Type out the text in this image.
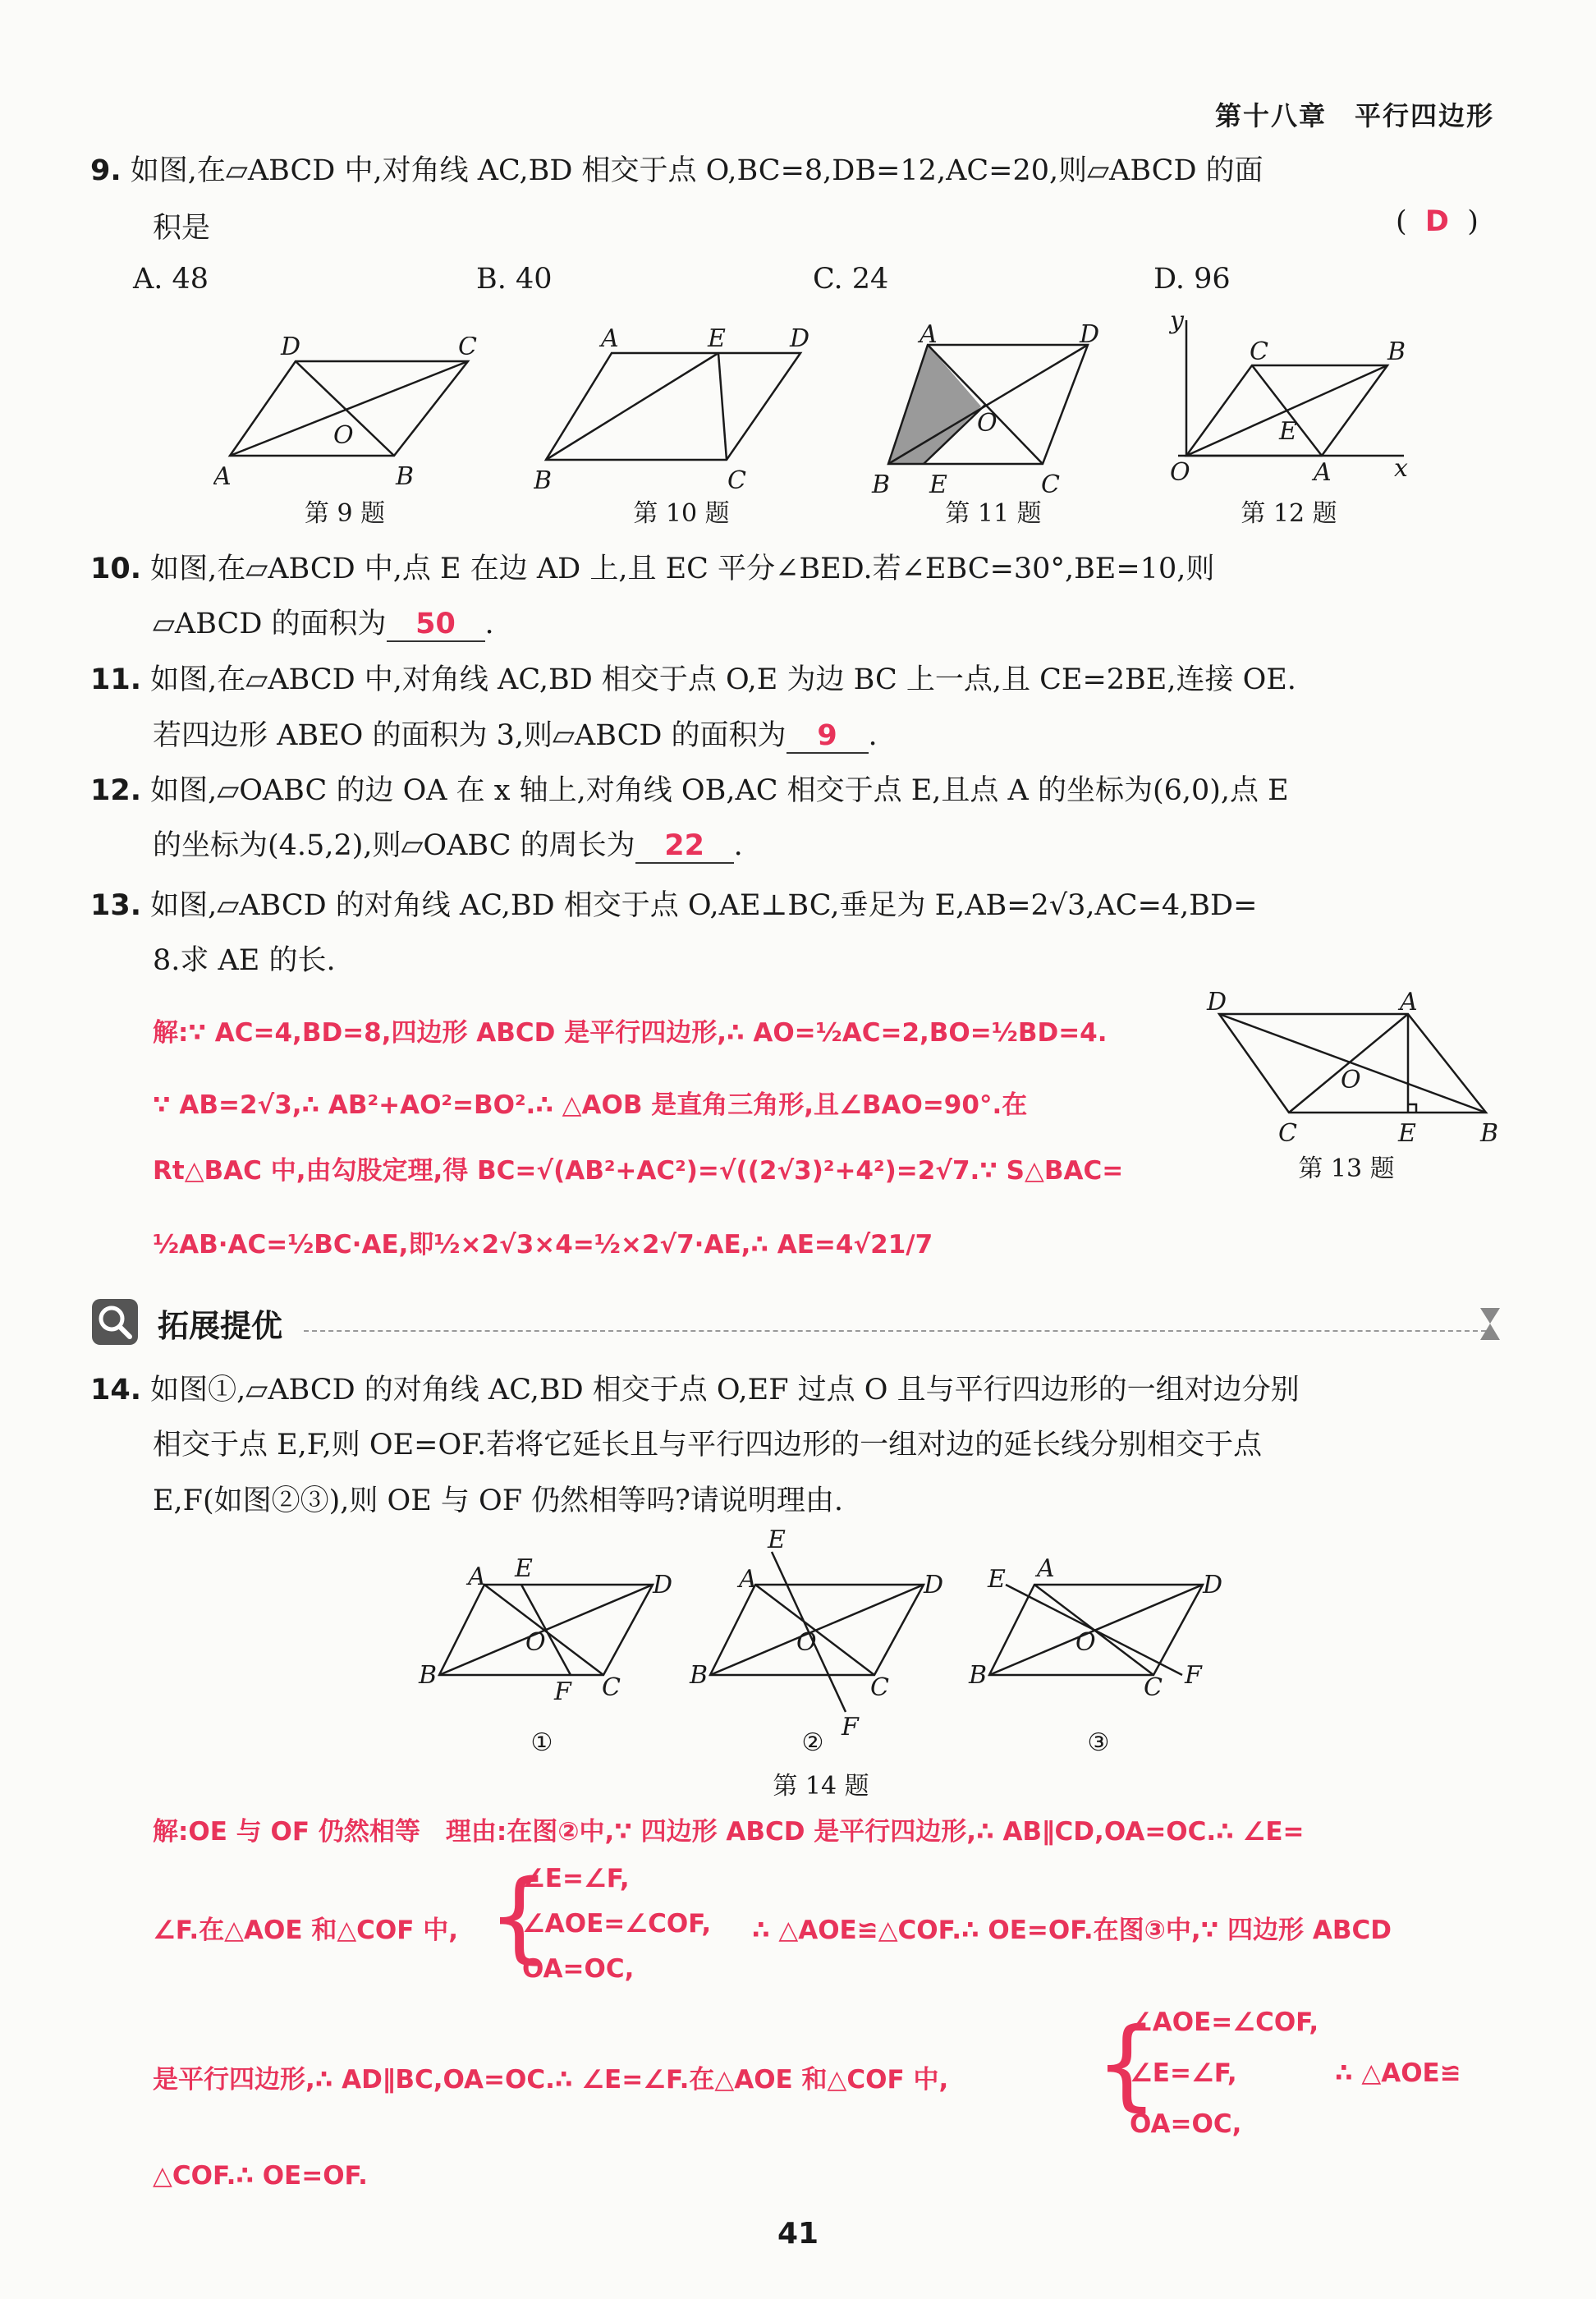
第十八章　平行四边形
9. 如图,在▱ABCD 中,对角线 AC,BD 相交于点 O,BC=8,DB=12,AC=20,则▱ABCD 的面
积是	( D )
A. 48	B. 40	C. 24	D. 96
D	C
A	B
O
第 9 题
A	E	D
B	C
第 10 题
A	D
B E	C
O
第 11 题
y
x
O	A
C	B
E
第 12 题
10. 如图,在▱ABCD 中,点 E 在边 AD 上,且 EC 平分∠BED.若∠EBC=30°,BE=10,则
▱ABCD 的面积为 50 .
11. 如图,在▱ABCD 中,对角线 AC,BD 相交于点 O,E 为边 BC 上一点,且 CE=2BE,连接 OE.
若四边形 ABEO 的面积为 3,则▱ABCD 的面积为 9 .
12. 如图,▱OABC 的边 OA 在 x 轴上,对角线 OB,AC 相交于点 E,且点 A 的坐标为(6,0),点 E
的坐标为(4.5,2),则▱OABC 的周长为 22 .
13. 如图,▱ABCD 的对角线 AC,BD 相交于点 O,AE⊥BC,垂足为 E,AB=2√3,AC=4,BD=
8.求 AE 的长.
解:∵ AC=4,BD=8,四边形 ABCD 是平行四边形,∴ AO=½AC=2,BO=½BD=4.
∵ AB=2√3,∴ AB²+AO²=BO².∴ △AOB 是直角三角形,且∠BAO=90°.在
Rt△BAC 中,由勾股定理,得 BC=√(AB²+AC²)=√((2√3)²+4²)=2√7.∵ S△BAC=
½AB·AC=½BC·AE,即½×2√3×4=½×2√7·AE,∴ AE=4√21/7
D	A
O
C	E	B
第 13 题
拓展提优
14. 如图①,▱ABCD 的对角线 AC,BD 相交于点 O,EF 过点 O 且与平行四边形的一组对边分别
相交于点 E,F,则 OE=OF.若将它延长且与平行四边形的一组对边的延长线分别相交于点
E,F(如图②③),则 OE 与 OF 仍然相等吗?请说明理由.
A E
D
B	C
F
O
E
A	D
B	C
F
O
E A
D
B	C F
O
①	②	③
第 14 题
解:OE 与 OF 仍然相等　理由:在图②中,∵ 四边形 ABCD 是平行四边形,∴ AB∥CD,OA=OC.∴ ∠E=
∠F.在△AOE 和△COF 中, {
∠E=∠F,
∠AOE=∠COF,
OA=OC,
∴ △AOE≌△COF.∴ OE=OF.在图③中,∵ 四边形 ABCD
是平行四边形,∴ AD∥BC,OA=OC.∴ ∠E=∠F.在△AOE 和△COF 中, {
∠AOE=∠COF,
∠E=∠F,
OA=OC,
∴ △AOE≌
△COF.∴ OE=OF.
41
